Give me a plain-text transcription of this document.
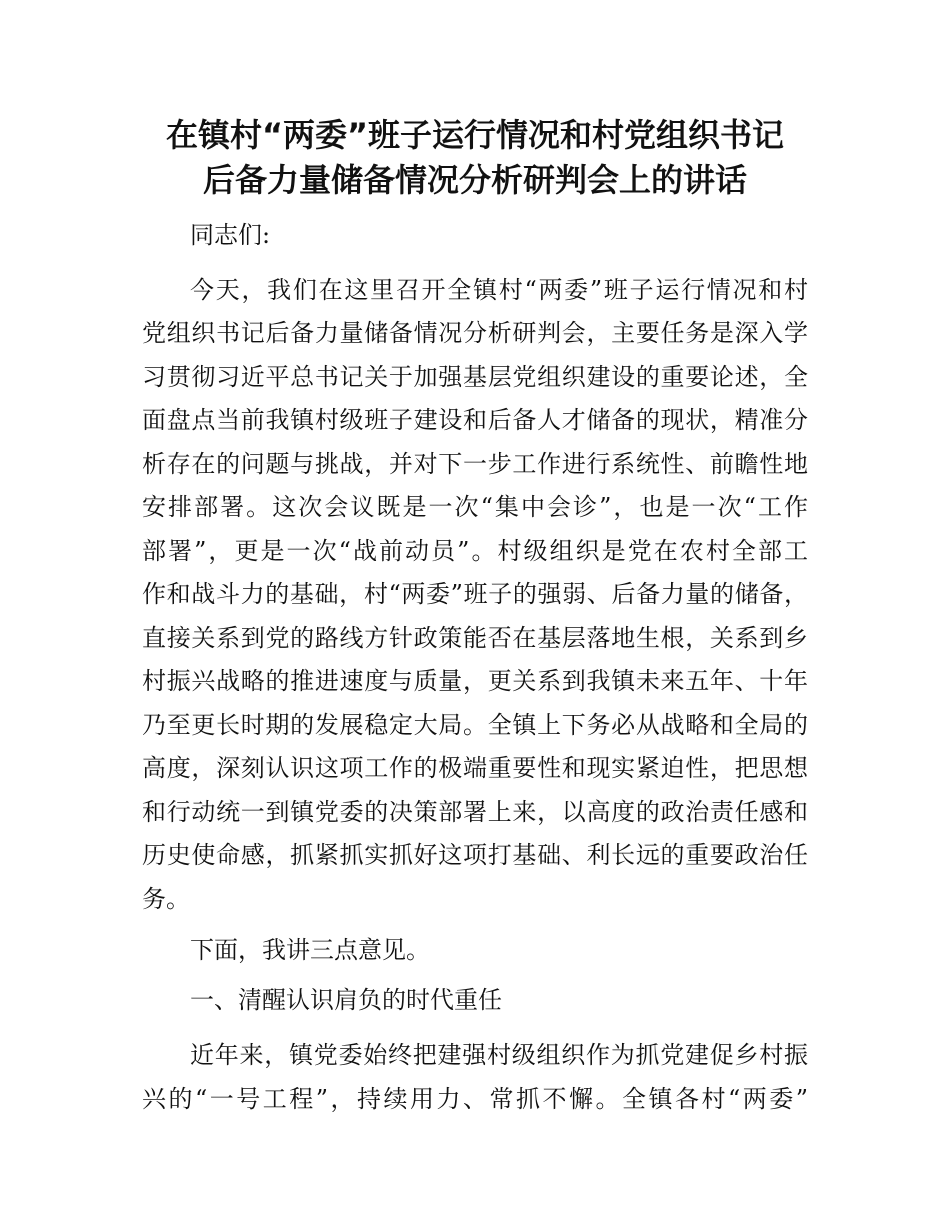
在镇村“两委”班子运行情况和村党组织书记
后备力量储备情况分析研判会上的讲话
同志们:
今天，我们在这里召开全镇村“两委”班子运行情况和村
党组织书记后备力量储备情况分析研判会，主要任务是深入学
习贯彻习近平总书记关于加强基层党组织建设的重要论述，全
面盘点当前我镇村级班子建设和后备人才储备的现状，精准分
析存在的问题与挑战，并对下一步工作进行系统性、前瞻性地
安排部署。这次会议既是一次“集中会诊”，也是一次“工作
部署”，更是一次“战前动员”。村级组织是党在农村全部工
作和战斗力的基础，村“两委”班子的强弱、后备力量的储备，
直接关系到党的路线方针政策能否在基层落地生根，关系到乡
村振兴战略的推进速度与质量，更关系到我镇未来五年、十年
乃至更长时期的发展稳定大局。全镇上下务必从战略和全局的
高度，深刻认识这项工作的极端重要性和现实紧迫性，把思想
和行动统一到镇党委的决策部署上来，以高度的政治责任感和
历史使命感，抓紧抓实抓好这项打基础、利长远的重要政治任
务。
下面，我讲三点意见。
一、清醒认识肩负的时代重任
近年来，镇党委始终把建强村级组织作为抓党建促乡村振
兴的“一号工程”，持续用力、常抓不懈。全镇各村“两委”
